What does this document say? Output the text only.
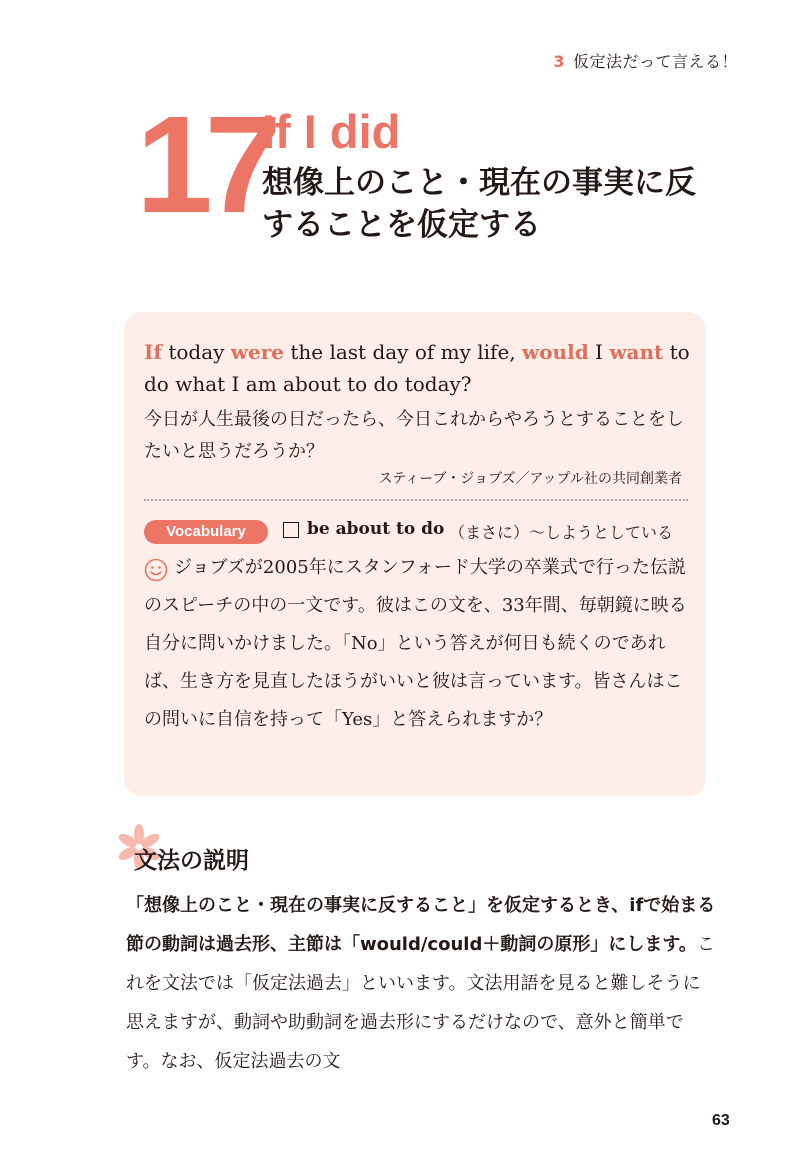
3 仮定法だって言える！
17
If I did
想像上のこと・現在の事実に反することを仮定する

If today were the last day of my life, would I want to do what I am about to do today?

今日が人生最後の日だったら、今日これからやろうとすることをしたいと思うだろうか？

スティーブ・ジョブズ／アップル社の共同創業者
Vocabulary	be about to do （まさに）～しようとしている

ジョブズが2005年にスタンフォード大学の卒業式で行った伝説のスピーチの中の一文です。彼はこの文を、33年間、毎朝鏡に映る自分に問いかけました。「No」という答えが何日も続くのであれば、生き方を見直したほうがいいと彼は言っています。皆さんはこの問いに自信を持って「Yes」と答えられますか？

文法の説明

「想像上のこと・現在の事実に反すること」を仮定するとき、ifで始まる節の動詞は過去形、主節は「would/could＋動詞の原形」にします。これを文法では「仮定法過去」といいます。文法用語を見ると難しそうに思えますが、動詞や助動詞を過去形にするだけなので、意外と簡単です。なお、仮定法過去の文

63
